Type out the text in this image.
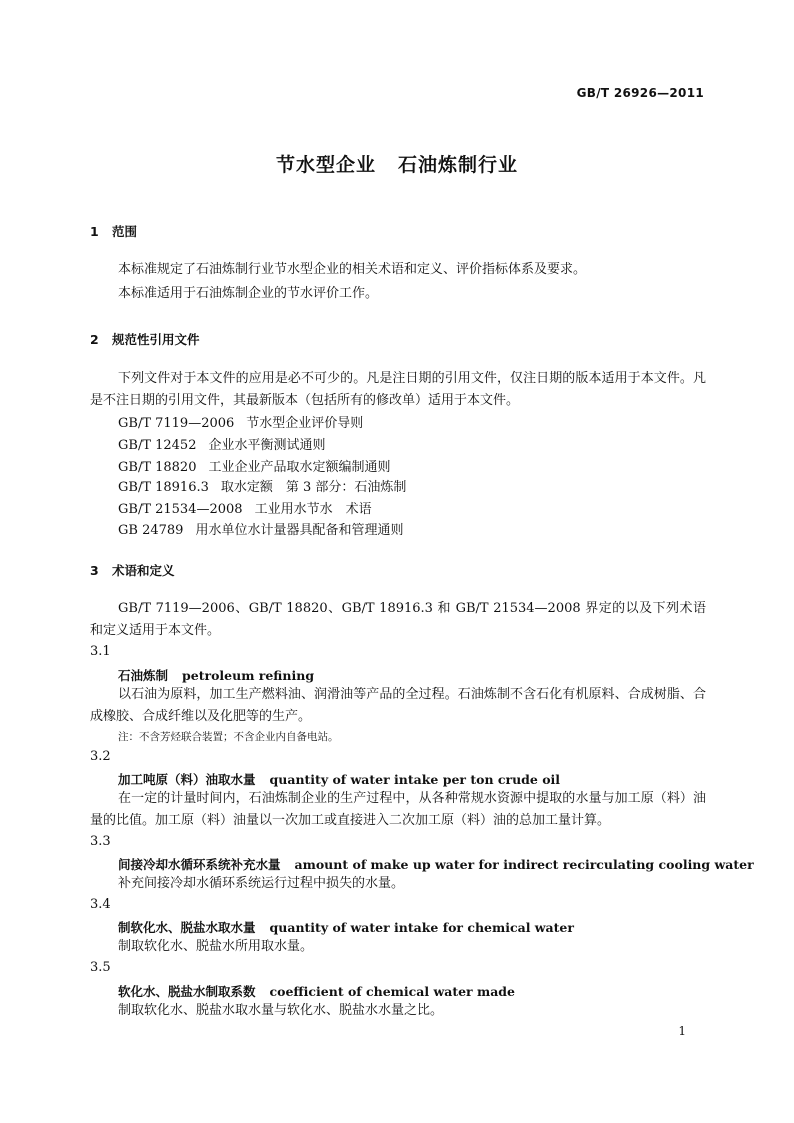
GB/T 26926—2011
节水型企业 石油炼制行业
1 范围
本标准规定了石油炼制行业节水型企业的相关术语和定义、评价指标体系及要求。
本标准适用于石油炼制企业的节水评价工作。
2 规范性引用文件
下列文件对于本文件的应用是必不可少的。凡是注日期的引用文件，仅注日期的版本适用于本文件。凡是不注日期的引用文件，其最新版本（包括所有的修改单）适用于本文件。
GB/T 7119—2006 节水型企业评价导则
GB/T 12452 企业水平衡测试通则
GB/T 18820 工业企业产品取水定额编制通则
GB/T 18916.3 取水定额　第 3 部分：石油炼制
GB/T 21534—2008 工业用水节水　术语
GB 24789 用水单位水计量器具配备和管理通则
3 术语和定义
GB/T 7119—2006、GB/T 18820、GB/T 18916.3 和 GB/T 21534—2008 界定的以及下列术语和定义适用于本文件。
3.1
石油炼制 petroleum refining
以石油为原料，加工生产燃料油、润滑油等产品的全过程。石油炼制不含石化有机原料、合成树脂、合成橡胶、合成纤维以及化肥等的生产。
注：不含芳烃联合装置；不含企业内自备电站。
3.2
加工吨原（料）油取水量 quantity of water intake per ton crude oil
在一定的计量时间内，石油炼制企业的生产过程中，从各种常规水资源中提取的水量与加工原（料）油量的比值。加工原（料）油量以一次加工或直接进入二次加工原（料）油的总加工量计算。
3.3
间接冷却水循环系统补充水量 amount of make up water for indirect recirculating cooling water
补充间接冷却水循环系统运行过程中损失的水量。
3.4
制软化水、脱盐水取水量 quantity of water intake for chemical water
制取软化水、脱盐水所用取水量。
3.5
软化水、脱盐水制取系数 coefficient of chemical water made
制取软化水、脱盐水取水量与软化水、脱盐水水量之比。
1
